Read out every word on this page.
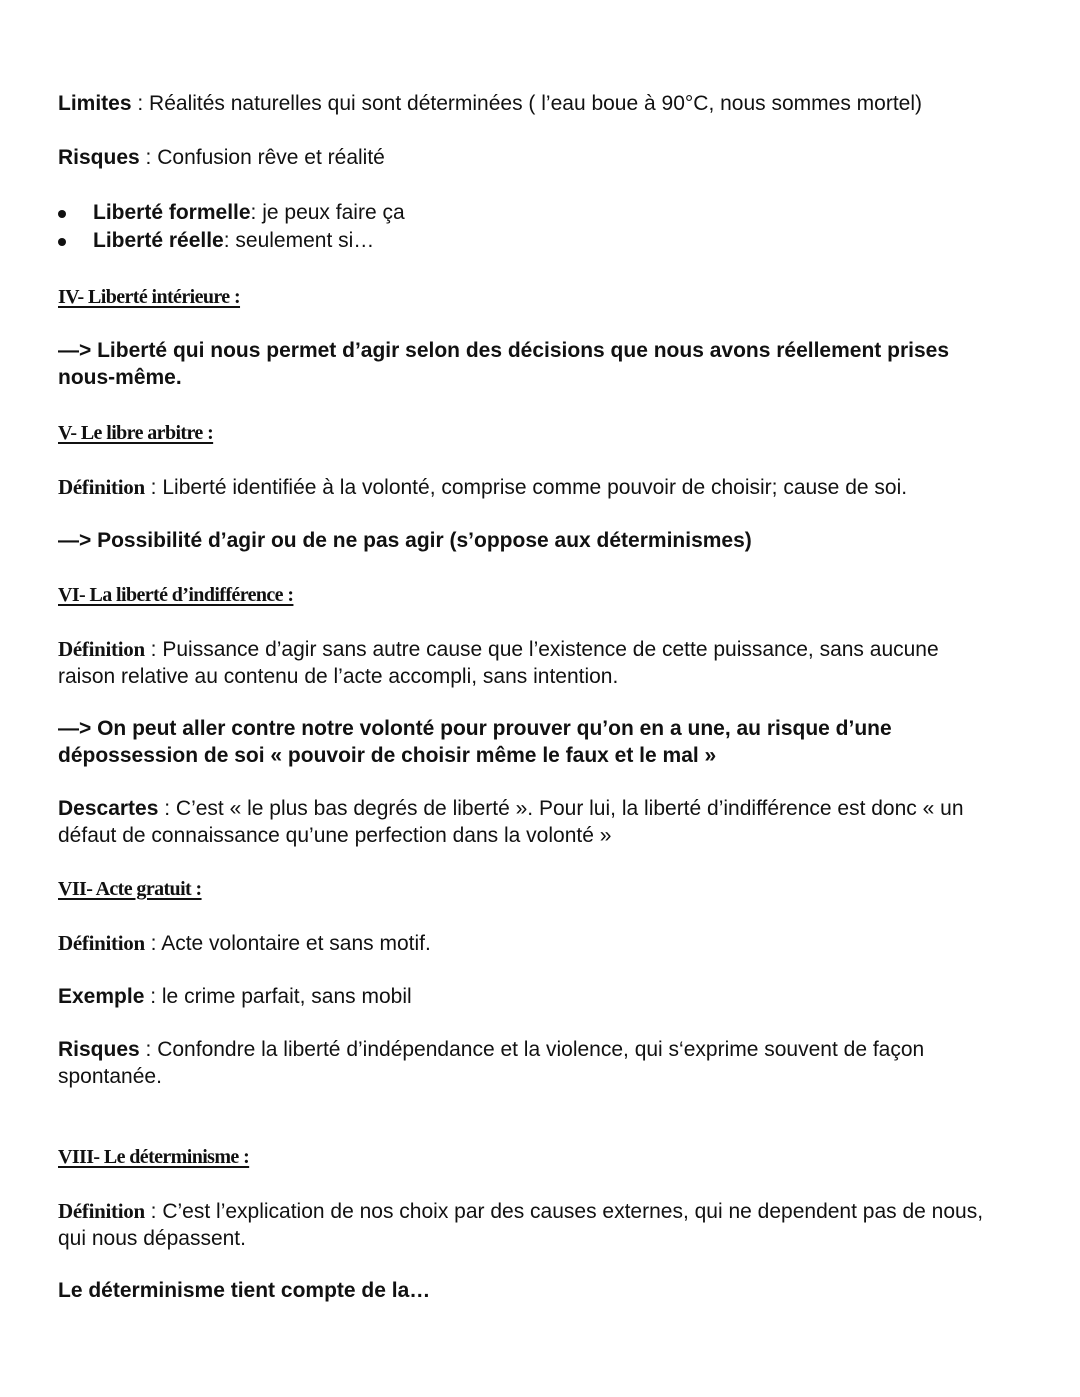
Limites : Réalités naturelles qui sont déterminées ( l’eau boue à 90°C, nous sommes mortel)
Risques : Confusion rêve et réalité
Liberté formelle: je peux faire ça
Liberté réelle: seulement si…
IV- Liberté intérieure :
—> Liberté qui nous permet d’agir selon des décisions que nous avons réellement prises nous-même.
V- Le libre arbitre :
Définition : Liberté identifiée à la volonté, comprise comme pouvoir de choisir; cause de soi.
—> Possibilité d’agir ou de ne pas agir (s’oppose aux déterminismes)
VI- La liberté d’indifférence :
Définition : Puissance d’agir sans autre cause que l’existence de cette puissance, sans aucune raison relative au contenu de l’acte accompli, sans intention.
—> On peut aller contre notre volonté pour prouver qu’on en a une, au risque d’une dépossession de soi « pouvoir de choisir même le faux et le mal »
Descartes : C’est « le plus bas degrés de liberté ». Pour lui, la liberté d’indifférence est donc « un défaut de connaissance qu’une perfection dans la volonté »
VII- Acte gratuit :
Définition : Acte volontaire et sans motif.
Exemple : le crime parfait, sans mobil
Risques : Confondre la liberté d’indépendance et la violence, qui s‘exprime souvent de façon spontanée.
VIII- Le déterminisme :
Définition : C’est l’explication de nos choix par des causes externes, qui ne dependent pas de nous, qui nous dépassent.
Le déterminisme tient compte de la…
